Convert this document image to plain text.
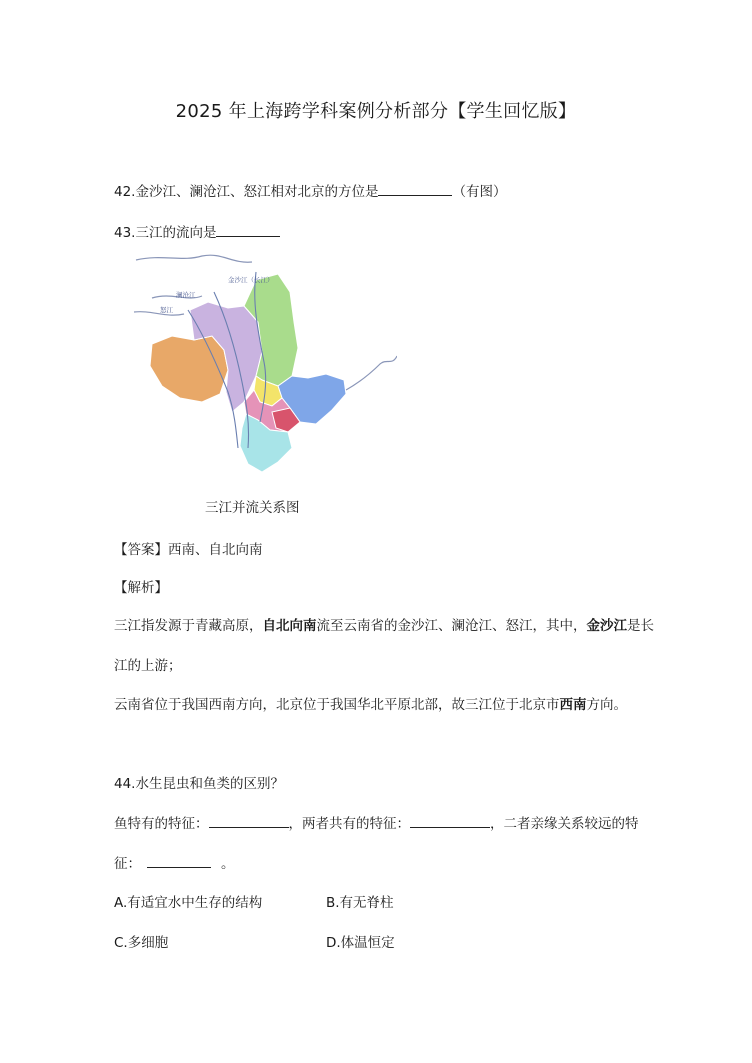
2025 年上海跨学科案例分析部分【学生回忆版】
42.金沙江、澜沧江、怒江相对北京的方位是	（有图）
43.三江的流向是
金沙江（长江）
澜沧江
怒江
三江并流关系图
【答案】西南、自北向南
【解析】
三江指发源于青藏高原，自北向南流至云南省的金沙江、澜沧江、怒江，其中，金沙江是长
江的上游；
云南省位于我国西南方向，北京位于我国华北平原北部，故三江位于北京市西南方向。
44.水生昆虫和鱼类的区别？
鱼特有的特征：	，两者共有的特征：	，二者亲缘关系较远的特
征：	。
A.有适宜水中生存的结构	B.有无脊柱
C.多细胞	D.体温恒定
